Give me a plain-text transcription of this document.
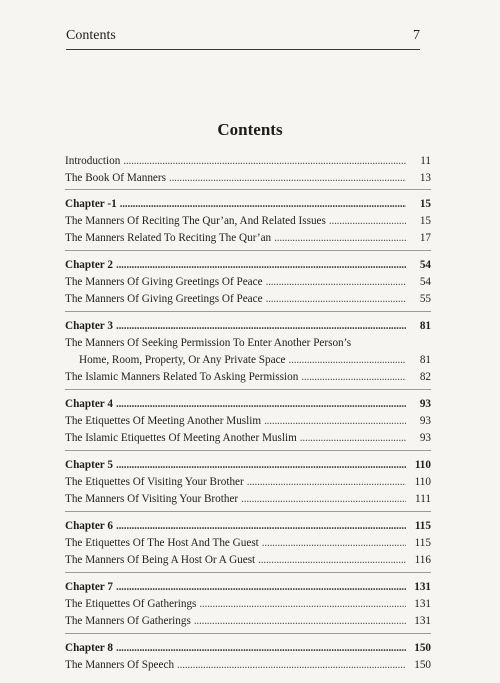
Contents	7
Contents
Introduction . . .	11
The Book Of Manners . . .	13
Chapter -1 . . .	15
The Manners Of Reciting The Qur’an, And Related Issues . . .	15
The Manners Related To Reciting The Qur’an . . .	17
Chapter 2 . . .	54
The Manners Of Giving Greetings Of Peace . . .	54
The Manners Of Giving Greetings Of Peace . . .	55
Chapter 3 . . .	81
The Manners Of Seeking Permission To Enter Another Person’s
Home, Room, Property, Or Any Private Space . . .	81
The Islamic Manners Related To Asking Permission . . .	82
Chapter 4 . . .	93
The Etiquettes Of Meeting Another Muslim . . .	93
The Islamic Etiquettes Of Meeting Another Muslim . . .	93
Chapter 5 . . .	110
The Etiquettes Of Visiting Your Brother . . .	110
The Manners Of Visiting Your Brother . . .	111
Chapter 6 . . .	115
The Etiquettes Of The Host And The Guest . . .	115
The Manners Of Being A Host Or A Guest . . .	116
Chapter 7 . . .	131
The Etiquettes Of Gatherings . . .	131
The Manners Of Gatherings . . .	131
Chapter 8 . . .	150
The Manners Of Speech . . .	150
